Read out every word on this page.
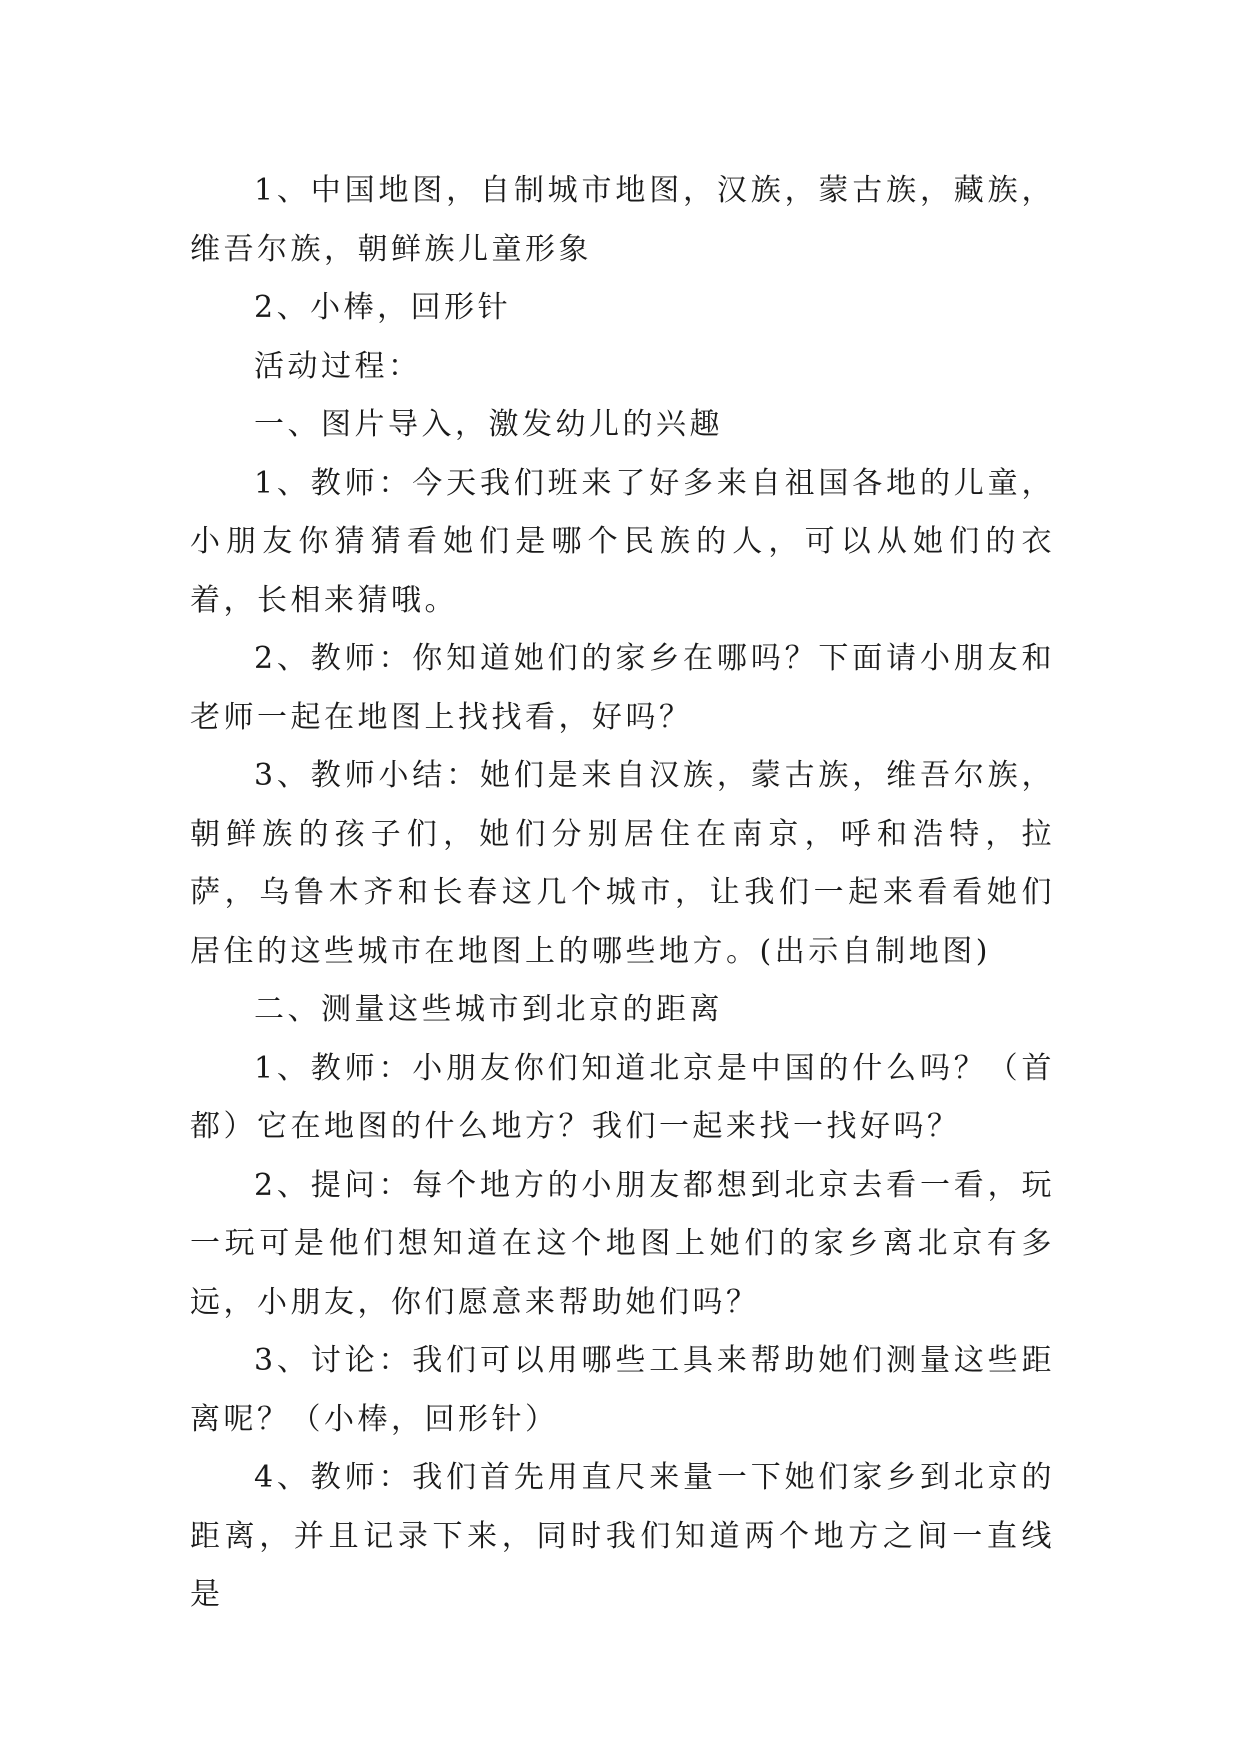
1、中国地图，自制城市地图，汉族，蒙古族，藏族，维吾尔族，朝鲜族儿童形象

2、小棒，回形针

活动过程：

一、图片导入，激发幼儿的兴趣

1、教师：今天我们班来了好多来自祖国各地的儿童，小朋友你猜猜看她们是哪个民族的人，可以从她们的衣着，长相来猜哦。

2、教师：你知道她们的家乡在哪吗？下面请小朋友和老师一起在地图上找找看，好吗？

3、教师小结：她们是来自汉族，蒙古族，维吾尔族，朝鲜族的孩子们，她们分别居住在南京，呼和浩特，拉萨，乌鲁木齐和长春这几个城市，让我们一起来看看她们居住的这些城市在地图上的哪些地方。(出示自制地图)

二、测量这些城市到北京的距离

1、教师：小朋友你们知道北京是中国的什么吗？（首都）它在地图的什么地方？我们一起来找一找好吗？

2、提问：每个地方的小朋友都想到北京去看一看，玩一玩可是他们想知道在这个地图上她们的家乡离北京有多远，小朋友，你们愿意来帮助她们吗？

3、讨论：我们可以用哪些工具来帮助她们测量这些距离呢？（小棒，回形针）

4、教师：我们首先用直尺来量一下她们家乡到北京的距离，并且记录下来，同时我们知道两个地方之间一直线是
